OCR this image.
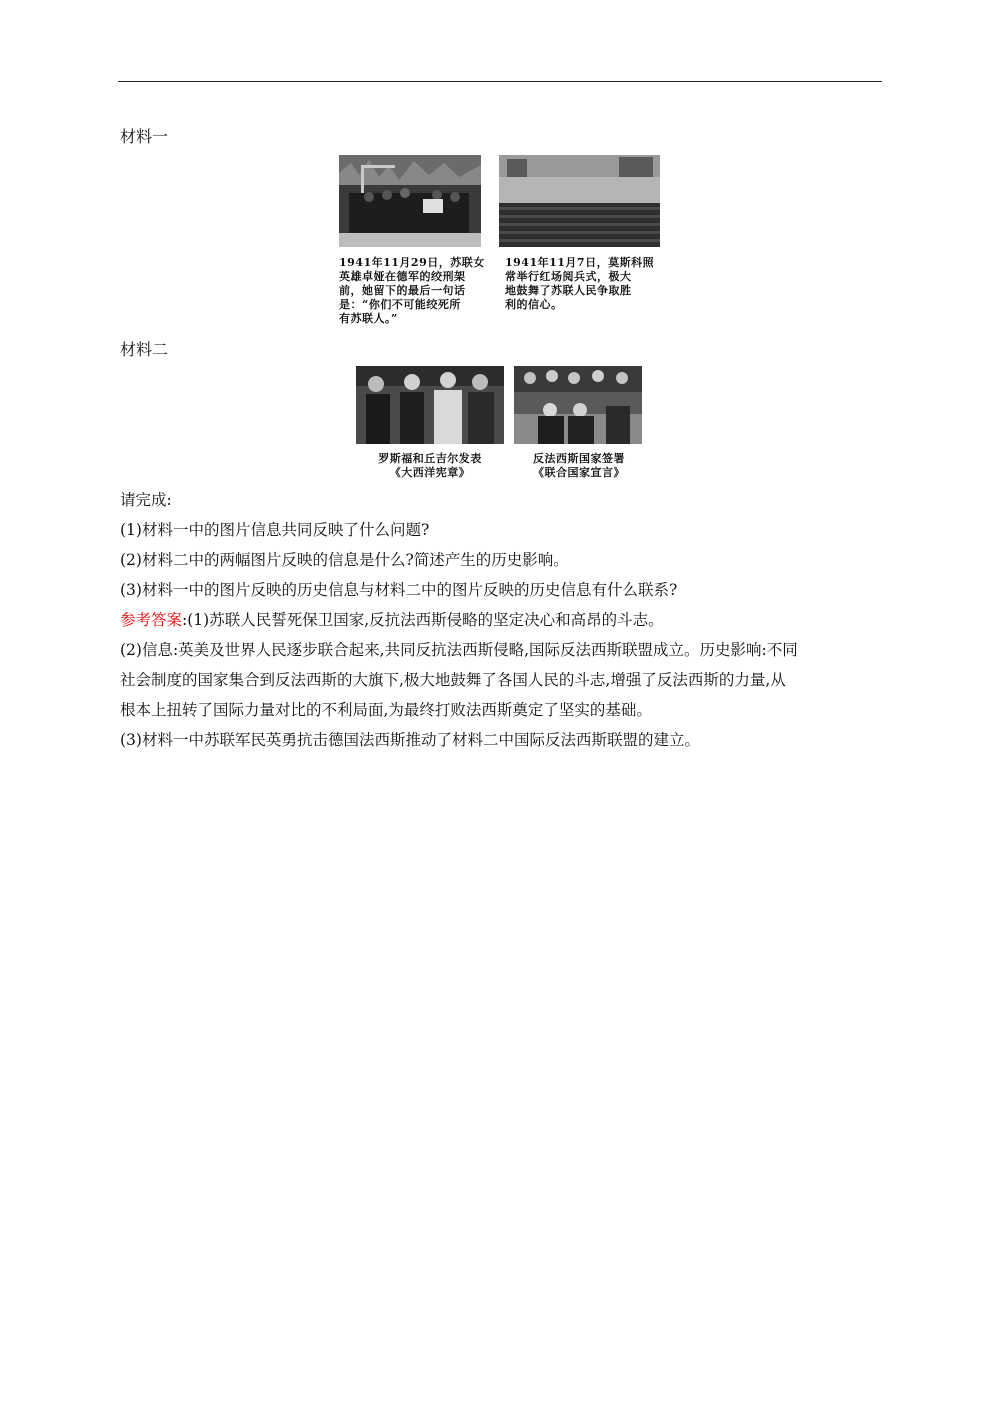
材料一
1941年11月29日，苏联女
英雄卓娅在德军的绞刑架
前，她留下的最后一句话
是：“你们不可能绞死所
有苏联人。”
1941年11月7日，莫斯科照
常举行红场阅兵式，极大
地鼓舞了苏联人民争取胜
利的信心。
材料二
罗斯福和丘吉尔发表
《大西洋宪章》
反法西斯国家签署
《联合国家宣言》
请完成:
(1)材料一中的图片信息共同反映了什么问题?
(2)材料二中的两幅图片反映的信息是什么?简述产生的历史影响。
(3)材料一中的图片反映的历史信息与材料二中的图片反映的历史信息有什么联系?
参考答案:(1)苏联人民誓死保卫国家,反抗法西斯侵略的坚定决心和高昂的斗志。
(2)信息:英美及世界人民逐步联合起来,共同反抗法西斯侵略,国际反法西斯联盟成立。历史影响:不同
社会制度的国家集合到反法西斯的大旗下,极大地鼓舞了各国人民的斗志,增强了反法西斯的力量,从
根本上扭转了国际力量对比的不利局面,为最终打败法西斯奠定了坚实的基础。
(3)材料一中苏联军民英勇抗击德国法西斯推动了材料二中国际反法西斯联盟的建立。
